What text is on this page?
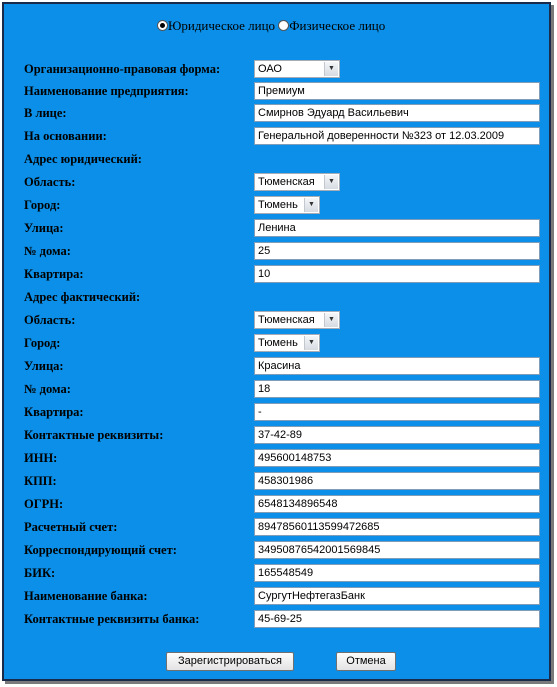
Юридическое лицо Физическое лицо
Организационно-правовая форма:	ОАО	▼
Наименование предприятия:	Премиум
В лице:	Смирнов Эдуард Васильевич
На основании:	Генеральной доверенности №323 от 12.03.2009
Адрес юридический:
Область:	Тюменская	▼
Город:	Тюмень	▼
Улица:	Ленина
№ дома:	25
Квартира:	10
Адрес фактический:
Область:	Тюменская	▼
Город:	Тюмень	▼
Улица:	Красина
№ дома:	18
Квартира:	-
Контактные реквизиты:	37-42-89
ИНН:	495600148753
КПП:	458301986
ОГРН:	6548134896548
Расчетный счет:	89478560113599472685
Корреспондирующий счет:	34950876542001569845
БИК:	165548549
Наименование банка:	СургутНефтегазБанк
Контактные реквизиты банка:	45-69-25
Зарегистрироваться	Отмена
